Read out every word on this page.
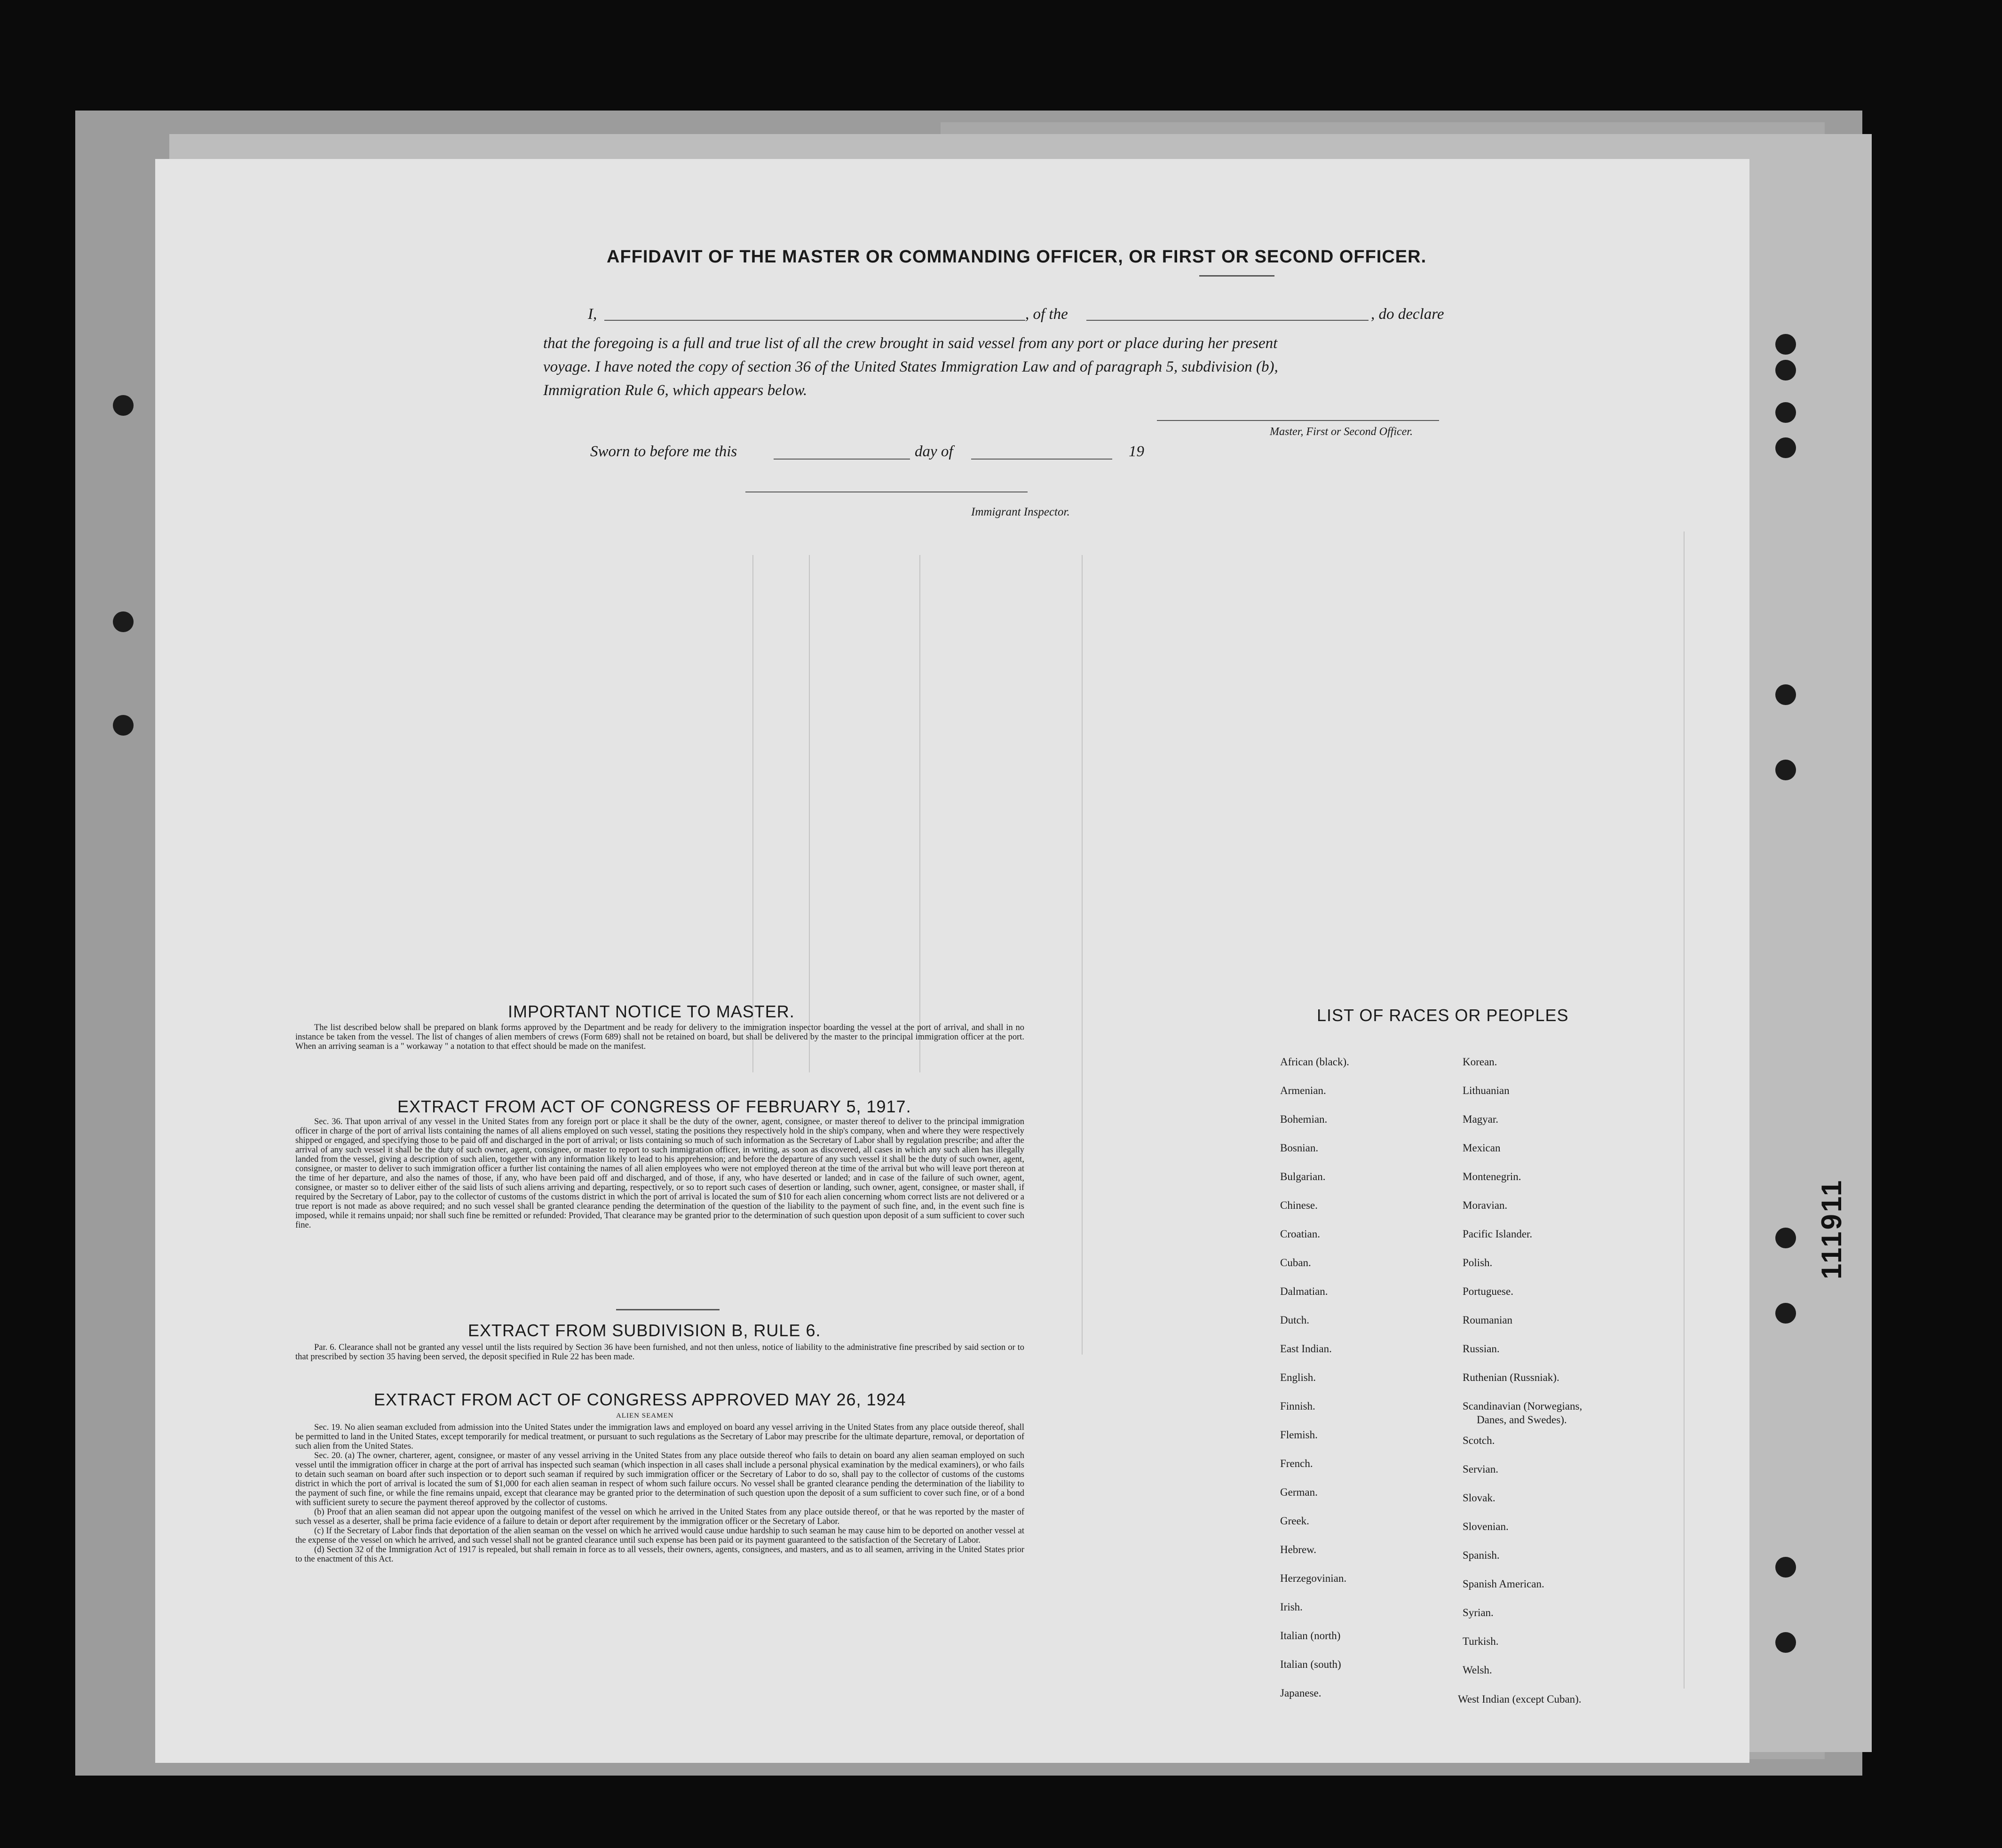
AFFIDAVIT OF THE MASTER OR COMMANDING OFFICER, OR FIRST OR SECOND OFFICER.
I,	, of the	, do declare
that the foregoing is a full and true list of all the crew brought in said vessel from any port or place during her present
voyage. I have noted the copy of section 36 of the United States Immigration Law and of paragraph 5, subdivision (b),
Immigration Rule 6, which appears below.
Master, First or Second Officer.
Sworn to before me this	day of	19
Immigrant Inspector.
IMPORTANT NOTICE TO MASTER.
The list described below shall be prepared on blank forms approved by the Department and be ready for delivery to the immigration inspector boarding the vessel at the port of arrival, and shall in no instance be taken from the vessel. The list of changes of alien members of crews (Form 689) shall not be retained on board, but shall be delivered by the master to the principal immigration officer at the port. When an arriving seaman is a " workaway " a notation to that effect should be made on the manifest.
EXTRACT FROM ACT OF CONGRESS OF FEBRUARY 5, 1917.
Sec. 36. That upon arrival of any vessel in the United States from any foreign port or place it shall be the duty of the owner, agent, consignee, or master thereof to deliver to the principal immigration officer in charge of the port of arrival lists containing the names of all aliens employed on such vessel, stating the positions they respectively hold in the ship's company, when and where they were respectively shipped or engaged, and specifying those to be paid off and discharged in the port of arrival; or lists containing so much of such information as the Secretary of Labor shall by regulation prescribe; and after the arrival of any such vessel it shall be the duty of such owner, agent, consignee, or master to report to such immigration officer, in writing, as soon as discovered, all cases in which any such alien has illegally landed from the vessel, giving a description of such alien, together with any information likely to lead to his apprehension; and before the departure of any such vessel it shall be the duty of such owner, agent, consignee, or master to deliver to such immigration officer a further list containing the names of all alien employees who were not employed thereon at the time of the arrival but who will leave port thereon at the time of her departure, and also the names of those, if any, who have been paid off and discharged, and of those, if any, who have deserted or landed; and in case of the failure of such owner, agent, consignee, or master so to deliver either of the said lists of such aliens arriving and departing, respectively, or so to report such cases of desertion or landing, such owner, agent, consignee, or master shall, if required by the Secretary of Labor, pay to the collector of customs of the customs district in which the port of arrival is located the sum of $10 for each alien concerning whom correct lists are not delivered or a true report is not made as above required; and no such vessel shall be granted clearance pending the determination of the question of the liability to the payment of such fine, and, in the event such fine is imposed, while it remains unpaid; nor shall such fine be remitted or refunded: Provided, That clearance may be granted prior to the determination of such question upon deposit of a sum sufficient to cover such fine.
EXTRACT FROM SUBDIVISION B, RULE 6.
Par. 6. Clearance shall not be granted any vessel until the lists required by Section 36 have been furnished, and not then unless, notice of liability to the administrative fine prescribed by said section or to that prescribed by section 35 having been served, the deposit specified in Rule 22 has been made.
EXTRACT FROM ACT OF CONGRESS APPROVED MAY 26, 1924
ALIEN SEAMEN
Sec. 19. No alien seaman excluded from admission into the United States under the immigration laws and employed on board any vessel arriving in the United States from any place outside thereof, shall be permitted to land in the United States, except temporarily for medical treatment, or pursuant to such regulations as the Secretary of Labor may prescribe for the ultimate departure, removal, or deportation of such alien from the United States.
Sec. 20. (a) The owner, charterer, agent, consignee, or master of any vessel arriving in the United States from any place outside thereof who fails to detain on board any alien seaman employed on such vessel until the immigration officer in charge at the port of arrival has inspected such seaman (which inspection in all cases shall include a personal physical examination by the medical examiners), or who fails to detain such seaman on board after such inspection or to deport such seaman if required by such immigration officer or the Secretary of Labor to do so, shall pay to the collector of customs of the customs district in which the port of arrival is located the sum of $1,000 for each alien seaman in respect of whom such failure occurs. No vessel shall be granted clearance pending the determination of the liability to the payment of such fine, or while the fine remains unpaid, except that clearance may be granted prior to the determination of such question upon the deposit of a sum sufficient to cover such fine, or of a bond with sufficient surety to secure the payment thereof approved by the collector of customs.
(b) Proof that an alien seaman did not appear upon the outgoing manifest of the vessel on which he arrived in the United States from any place outside thereof, or that he was reported by the master of such vessel as a deserter, shall be prima facie evidence of a failure to detain or deport after requirement by the immigration officer or the Secretary of Labor.
(c) If the Secretary of Labor finds that deportation of the alien seaman on the vessel on which he arrived would cause undue hardship to such seaman he may cause him to be deported on another vessel at the expense of the vessel on which he arrived, and such vessel shall not be granted clearance until such expense has been paid or its payment guaranteed to the satisfaction of the Secretary of Labor.
(d) Section 32 of the Immigration Act of 1917 is repealed, but shall remain in force as to all vessels, their owners, agents, consignees, and masters, and as to all seamen, arriving in the United States prior to the enactment of this Act.
LIST OF RACES OR PEOPLES
African (black).
Armenian.
Bohemian.
Bosnian.
Bulgarian.
Chinese.
Croatian.
Cuban.
Dalmatian.
Dutch.
East Indian.
English.
Finnish.
Flemish.
French.
German.
Greek.
Hebrew.
Herzegovinian.
Irish.
Italian (north)
Italian (south)
Japanese.
Korean.
Lithuanian
Magyar.
Mexican
Montenegrin.
Moravian.
Pacific Islander.
Polish.
Portuguese.
Roumanian
Russian.
Ruthenian (Russniak).
Scandinavian (Norwegians,
Danes, and Swedes).
Scotch.
Servian.
Slovak.
Slovenian.
Spanish.
Spanish American.
Syrian.
Turkish.
Welsh.
West Indian (except Cuban).
111911
